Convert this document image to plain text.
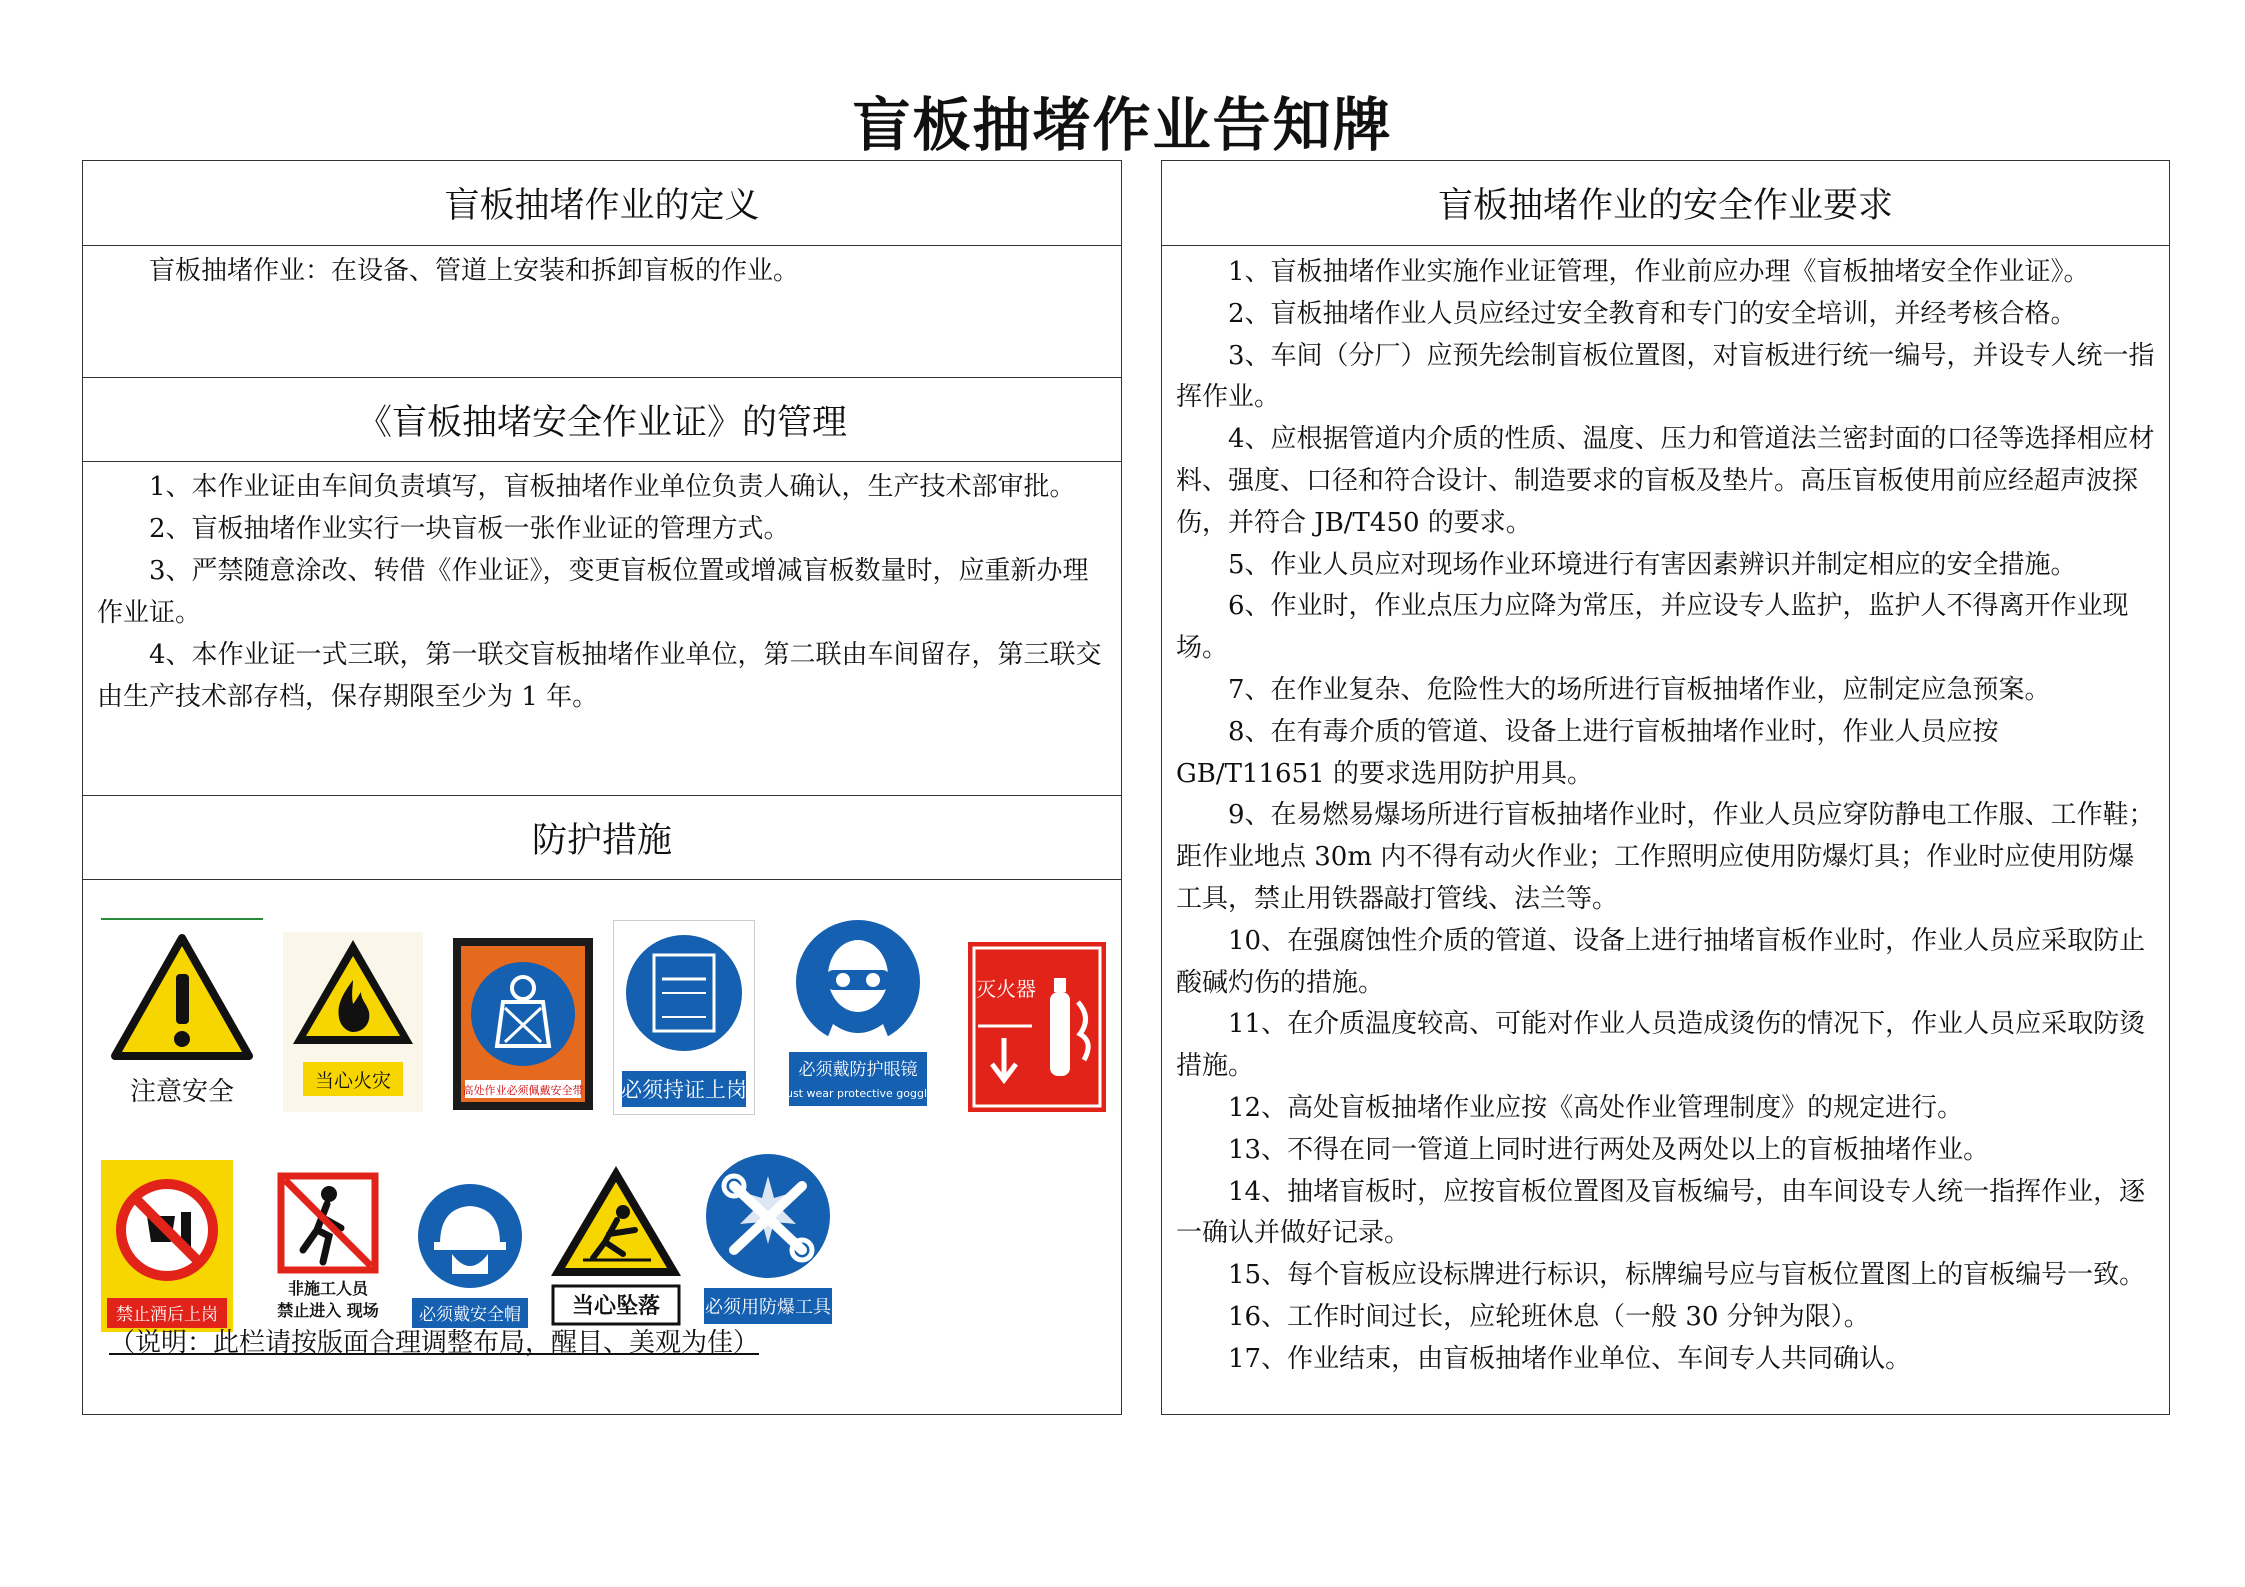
盲板抽堵作业告知牌
盲板抽堵作业的定义

盲板抽堵作业：在设备、管道上安装和拆卸盲板的作业。

《盲板抽堵安全作业证》的管理

1、本作业证由车间负责填写，盲板抽堵作业单位负责人确认，生产技术部审批。

2、盲板抽堵作业实行一块盲板一张作业证的管理方式。

3、严禁随意涂改、转借《作业证》，变更盲板位置或增减盲板数量时，应重新办理作业证。

4、本作业证一式三联，第一联交盲板抽堵作业单位，第二联由车间留存，第三联交由生产技术部存档，保存期限至少为 1 年。

防护措施
注意安全	当心火灾	高处作业必须佩戴安全带 必须持证上岗
必须戴防护眼镜
Must wear protective goggles
灭火器
禁止酒后上岗
非施工人员
禁止进入 现场 必须戴安全帽 当心坠落 必须用防爆工具
（说明：此栏请按版面合理调整布局，醒目、美观为佳）
盲板抽堵作业的安全作业要求

1、盲板抽堵作业实施作业证管理，作业前应办理《盲板抽堵安全作业证》。

2、盲板抽堵作业人员应经过安全教育和专门的安全培训，并经考核合格。

3、车间（分厂）应预先绘制盲板位置图，对盲板进行统一编号，并设专人统一指挥作业。

4、应根据管道内介质的性质、温度、压力和管道法兰密封面的口径等选择相应材料、强度、口径和符合设计、制造要求的盲板及垫片。高压盲板使用前应经超声波探伤，并符合 JB/T450 的要求。

5、作业人员应对现场作业环境进行有害因素辨识并制定相应的安全措施。

6、作业时，作业点压力应降为常压，并应设专人监护，监护人不得离开作业现场。

7、在作业复杂、危险性大的场所进行盲板抽堵作业，应制定应急预案。

8、在有毒介质的管道、设备上进行盲板抽堵作业时，作业人员应按 GB/T11651 的要求选用防护用具。

9、在易燃易爆场所进行盲板抽堵作业时，作业人员应穿防静电工作服、工作鞋；距作业地点 30m 内不得有动火作业；工作照明应使用防爆灯具；作业时应使用防爆工具，禁止用铁器敲打管线、法兰等。

10、在强腐蚀性介质的管道、设备上进行抽堵盲板作业时，作业人员应采取防止酸碱灼伤的措施。

11、在介质温度较高、可能对作业人员造成烫伤的情况下，作业人员应采取防烫措施。

12、高处盲板抽堵作业应按《高处作业管理制度》的规定进行。

13、不得在同一管道上同时进行两处及两处以上的盲板抽堵作业。

14、抽堵盲板时，应按盲板位置图及盲板编号，由车间设专人统一指挥作业，逐一确认并做好记录。

15、每个盲板应设标牌进行标识，标牌编号应与盲板位置图上的盲板编号一致。

16、工作时间过长，应轮班休息（一般 30 分钟为限）。

17、作业结束，由盲板抽堵作业单位、车间专人共同确认。
